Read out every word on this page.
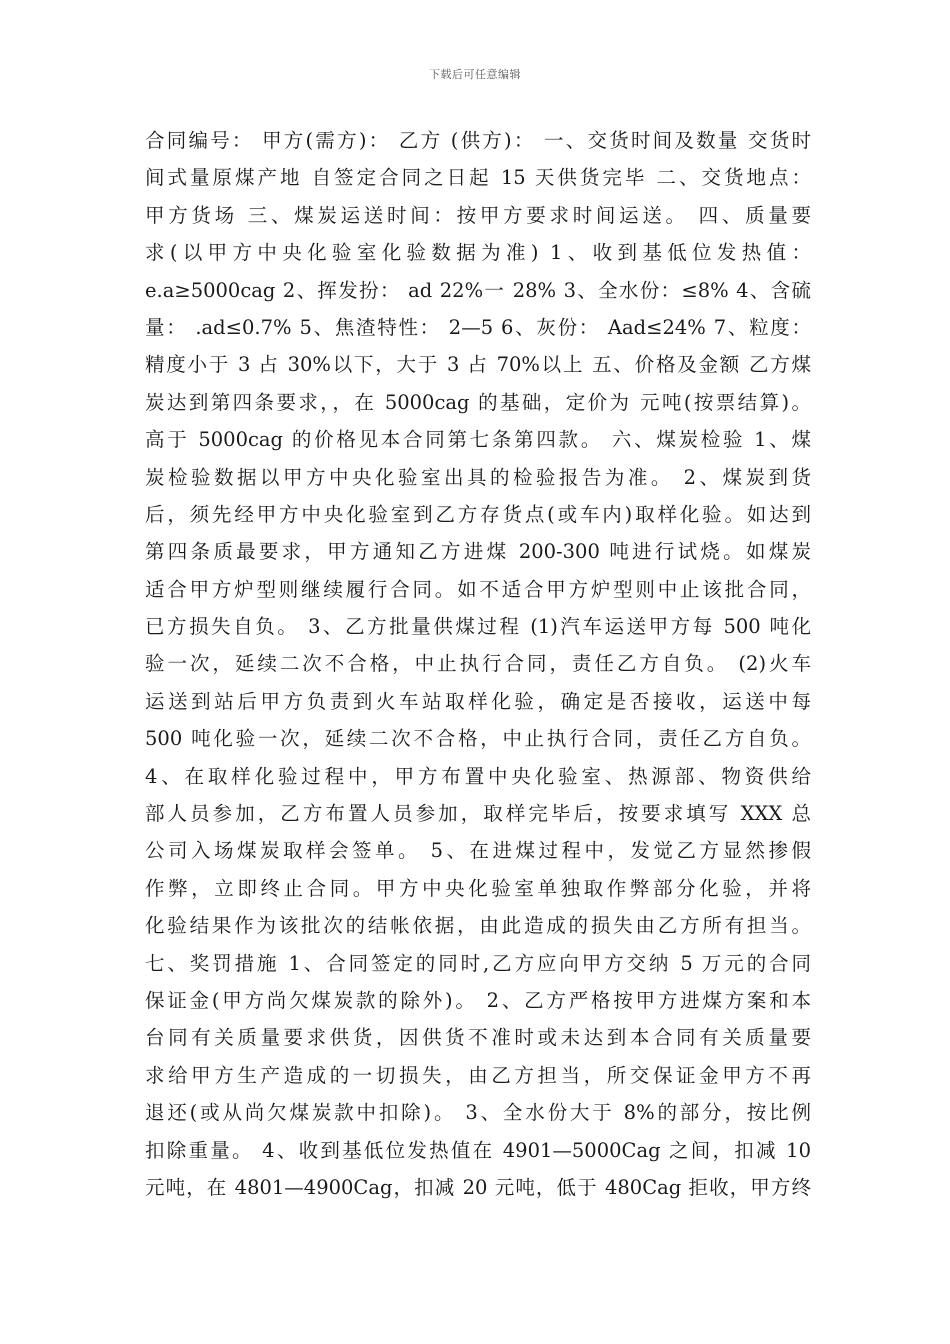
下载后可任意编辑
合同编号： 甲方(需方)： 乙方 (供方)： 一、交货时间及数量 交货时
间式量原煤产地 自签定合同之日起 15 天供货完毕 二、交货地点：
甲方货场 三、煤炭运送时间：按甲方要求时间运送。 四、质量要
求(以甲方中央化验室化验数据为准) 1、收到基低位发热值：
e.a≥5000cag 2、挥发扮： ad 22%一 28% 3、全水份：≤8% 4、含硫
量： .ad≤0.7% 5、焦渣特性： 2—5 6、灰份： Aad≤24% 7、粒度：
精度小于 3 占 30%以下，大于 3 占 70%以上 五、价格及金额 乙方煤
炭达到第四条要求，，在 5000cag 的基础，定价为 元吨(按票结算)。
高于 5000cag 的价格见本合同第七条第四款。 六、煤炭检验 1、煤
炭检验数据以甲方中央化验室出具的检验报告为准。 2、煤炭到货
后，须先经甲方中央化验室到乙方存货点(或车内)取样化验。如达到
第四条质最要求，甲方通知乙方进煤 200-300 吨进行试烧。如煤炭
适合甲方炉型则继续履行合同。如不适合甲方炉型则中止该批合同，
已方损失自负。 3、乙方批量供煤过程 (1)汽车运送甲方每 500 吨化
验一次，延续二次不合格，中止执行合同，责任乙方自负。 (2)火车
运送到站后甲方负责到火车站取样化验，确定是否接收，运送中每
500 吨化验一次，延续二次不合格，中止执行合同，责任乙方自负。
4、在取样化验过程中，甲方布置中央化验室、热源部、物资供给
部人员参加，乙方布置人员参加，取样完毕后，按要求填写 XXX 总
公司入场煤炭取样会签单。 5、在进煤过程中，发觉乙方显然掺假
作弊，立即终止合同。甲方中央化验室单独取作弊部分化验，并将
化验结果作为该批次的结帐依据，由此造成的损失由乙方所有担当。
七、奖罚措施 1、合同签定的同时,乙方应向甲方交纳 5 万元的合同
保证金(甲方尚欠煤炭款的除外)。 2、乙方严格按甲方进煤方案和本
台同有关质量要求供货，因供货不准时或未达到本合同有关质量要
求给甲方生产造成的一切损失，由乙方担当，所交保证金甲方不再
退还(或从尚欠煤炭款中扣除)。 3、全水份大于 8%的部分，按比例
扣除重量。 4、收到基低位发热值在 4901—5000Cag 之间，扣减 10
元吨，在 4801—4900Cag，扣减 20 元吨，低于 480Cag 拒收，甲方终
